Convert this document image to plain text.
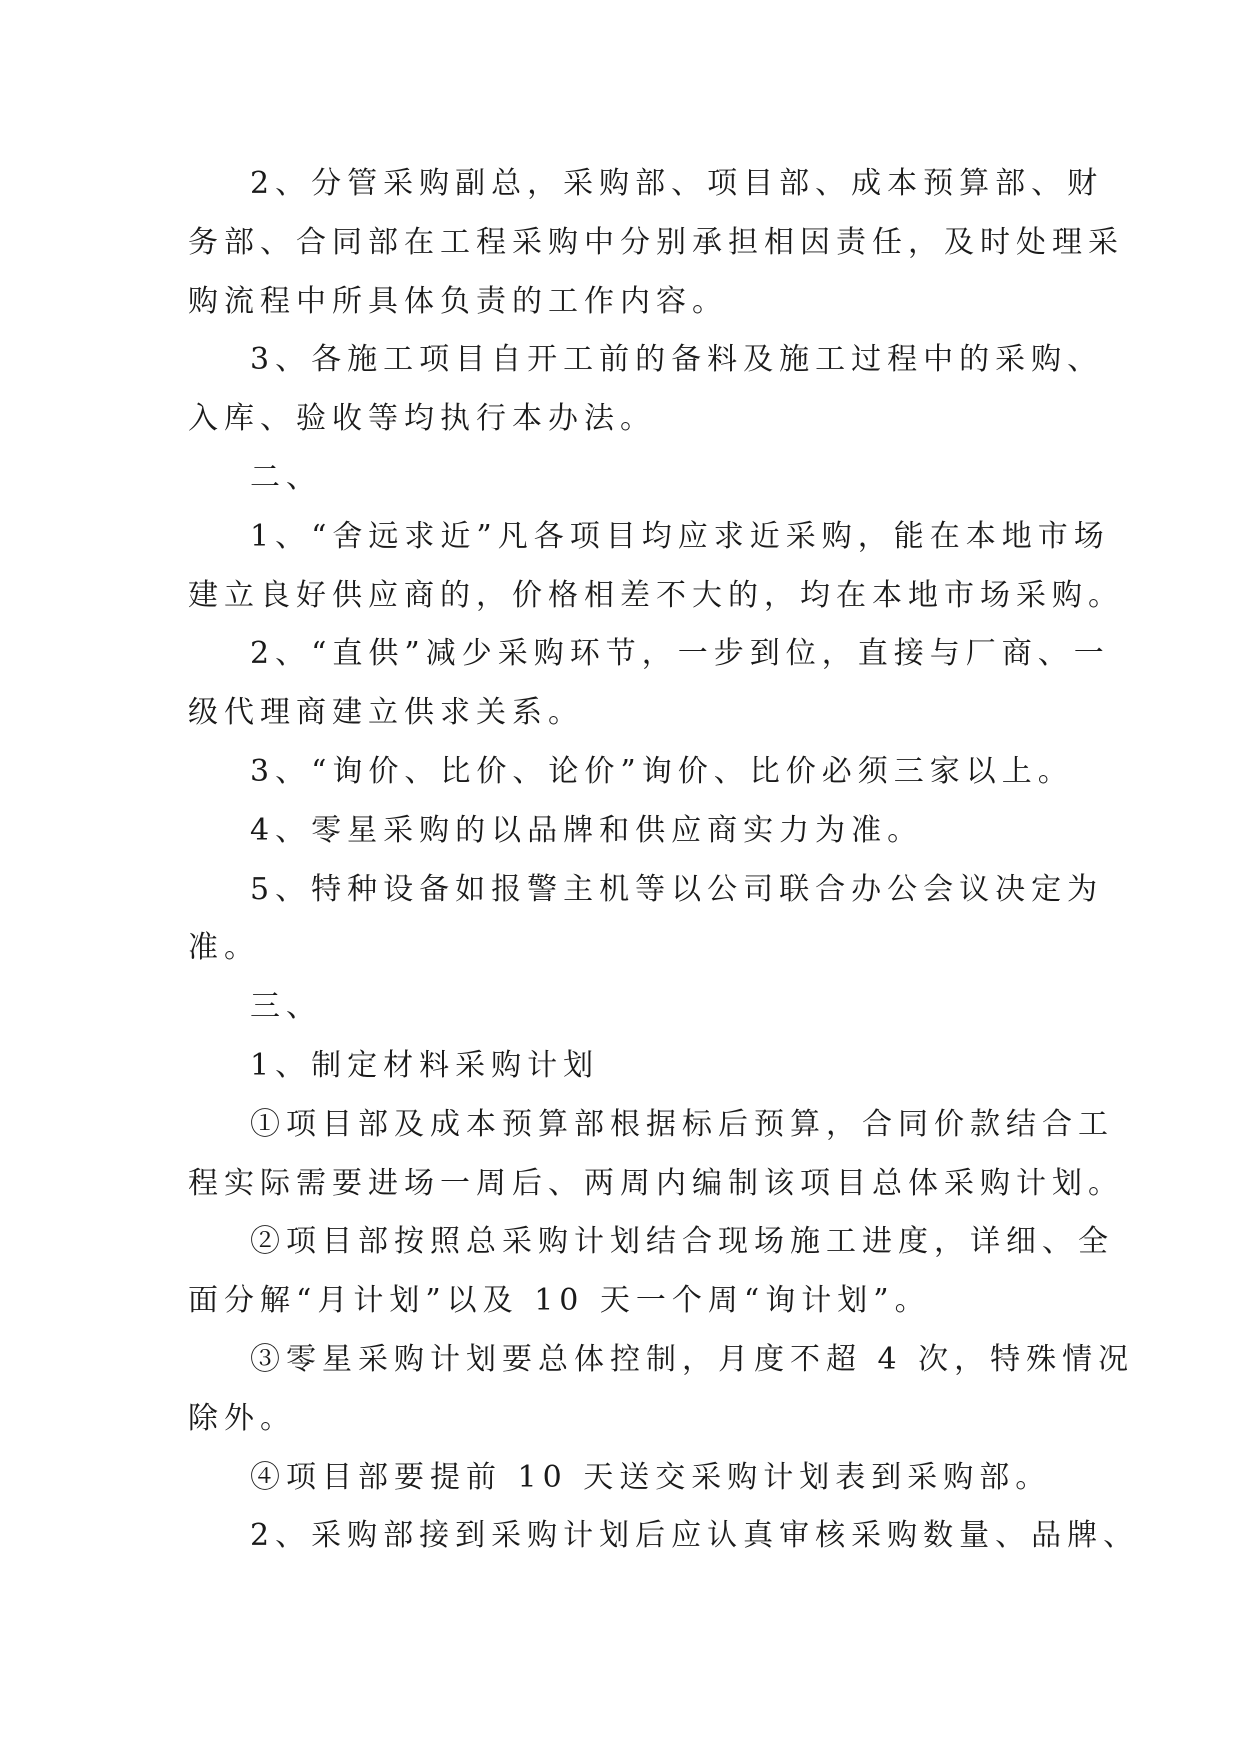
2、分管采购副总，采购部、项目部、成本预算部、财
务部、合同部在工程采购中分别承担相因责任，及时处理采
购流程中所具体负责的工作内容。
3、各施工项目自开工前的备料及施工过程中的采购、
入库、验收等均执行本办法。
二、
1、“舍远求近”凡各项目均应求近采购，能在本地市场
建立良好供应商的，价格相差不大的，均在本地市场采购。
2、“直供”减少采购环节，一步到位，直接与厂商、一
级代理商建立供求关系。
3、“询价、比价、论价”询价、比价必须三家以上。
4、零星采购的以品牌和供应商实力为准。
5、特种设备如报警主机等以公司联合办公会议决定为
准。
三、
1、制定材料采购计划
①项目部及成本预算部根据标后预算，合同价款结合工
程实际需要进场一周后、两周内编制该项目总体采购计划。
②项目部按照总采购计划结合现场施工进度，详细、全
面分解“月计划”以及 10 天一个周“询计划”。
③零星采购计划要总体控制，月度不超 4 次，特殊情况
除外。
④项目部要提前 10 天送交采购计划表到采购部。
2、采购部接到采购计划后应认真审核采购数量、品牌、
